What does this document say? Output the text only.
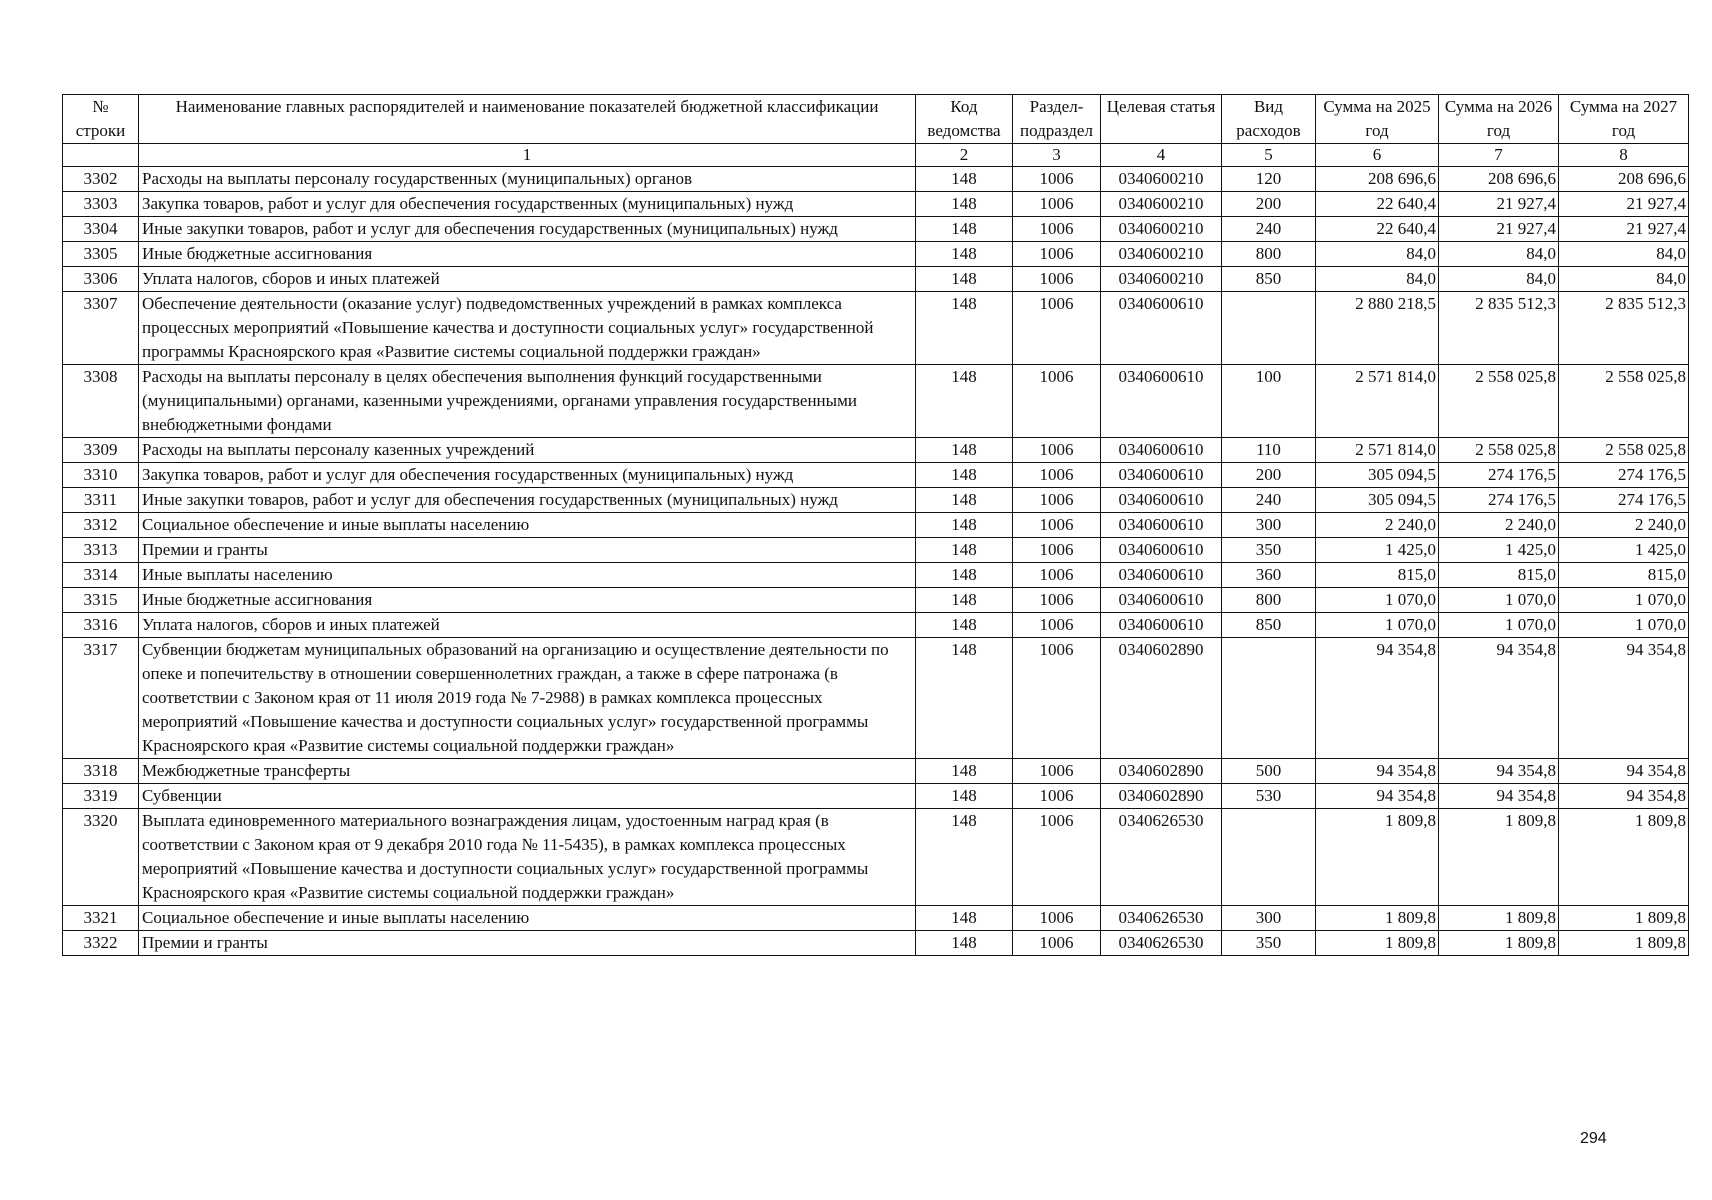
№ строки	Наименование главных распорядителей и наименование показателей бюджетной классификации	Код ведомства	Раздел-подраздел	Целевая статья	Вид расходов	Сумма на 2025 год	Сумма на 2026 год	Сумма на 2027 год
	1	2	3	4	5	6	7	8
3302	Расходы на выплаты персоналу государственных (муниципальных) органов	148	1006	0340600210	120	208 696,6	208 696,6	208 696,6
3303	Закупка товаров, работ и услуг для обеспечения государственных (муниципальных) нужд	148	1006	0340600210	200	22 640,4	21 927,4	21 927,4
3304	Иные закупки товаров, работ и услуг для обеспечения государственных (муниципальных) нужд	148	1006	0340600210	240	22 640,4	21 927,4	21 927,4
3305	Иные бюджетные ассигнования	148	1006	0340600210	800	84,0	84,0	84,0
3306	Уплата налогов, сборов и иных платежей	148	1006	0340600210	850	84,0	84,0	84,0
3307	Обеспечение деятельности (оказание услуг) подведомственных учреждений в рамках комплекса процессных мероприятий «Повышение качества и доступности социальных услуг» государственной программы Красноярского края «Развитие системы социальной поддержки граждан»	148	1006	0340600610		2 880 218,5	2 835 512,3	2 835 512,3
3308	Расходы на выплаты персоналу в целях обеспечения выполнения функций государственными (муниципальными) органами, казенными учреждениями, органами управления государственными внебюджетными фондами	148	1006	0340600610	100	2 571 814,0	2 558 025,8	2 558 025,8
3309	Расходы на выплаты персоналу казенных учреждений	148	1006	0340600610	110	2 571 814,0	2 558 025,8	2 558 025,8
3310	Закупка товаров, работ и услуг для обеспечения государственных (муниципальных) нужд	148	1006	0340600610	200	305 094,5	274 176,5	274 176,5
3311	Иные закупки товаров, работ и услуг для обеспечения государственных (муниципальных) нужд	148	1006	0340600610	240	305 094,5	274 176,5	274 176,5
3312	Социальное обеспечение и иные выплаты населению	148	1006	0340600610	300	2 240,0	2 240,0	2 240,0
3313	Премии и гранты	148	1006	0340600610	350	1 425,0	1 425,0	1 425,0
3314	Иные выплаты населению	148	1006	0340600610	360	815,0	815,0	815,0
3315	Иные бюджетные ассигнования	148	1006	0340600610	800	1 070,0	1 070,0	1 070,0
3316	Уплата налогов, сборов и иных платежей	148	1006	0340600610	850	1 070,0	1 070,0	1 070,0
3317	Субвенции бюджетам муниципальных образований на организацию и осуществление деятельности по опеке и попечительству в отношении совершеннолетних граждан, а также в сфере патронажа (в соответствии с Законом края от 11 июля 2019 года № 7-2988) в рамках комплекса процессных мероприятий «Повышение качества и доступности социальных услуг» государственной программы Красноярского края «Развитие системы социальной поддержки граждан»	148	1006	0340602890		94 354,8	94 354,8	94 354,8
3318	Межбюджетные трансферты	148	1006	0340602890	500	94 354,8	94 354,8	94 354,8
3319	Субвенции	148	1006	0340602890	530	94 354,8	94 354,8	94 354,8
3320	Выплата единовременного материального вознаграждения лицам, удостоенным наград края (в соответствии с Законом края от 9 декабря 2010 года № 11-5435), в рамках комплекса процессных мероприятий «Повышение качества и доступности социальных услуг» государственной программы Красноярского края «Развитие системы социальной поддержки граждан»	148	1006	0340626530		1 809,8	1 809,8	1 809,8
3321	Социальное обеспечение и иные выплаты населению	148	1006	0340626530	300	1 809,8	1 809,8	1 809,8
3322	Премии и гранты	148	1006	0340626530	350	1 809,8	1 809,8	1 809,8
294
